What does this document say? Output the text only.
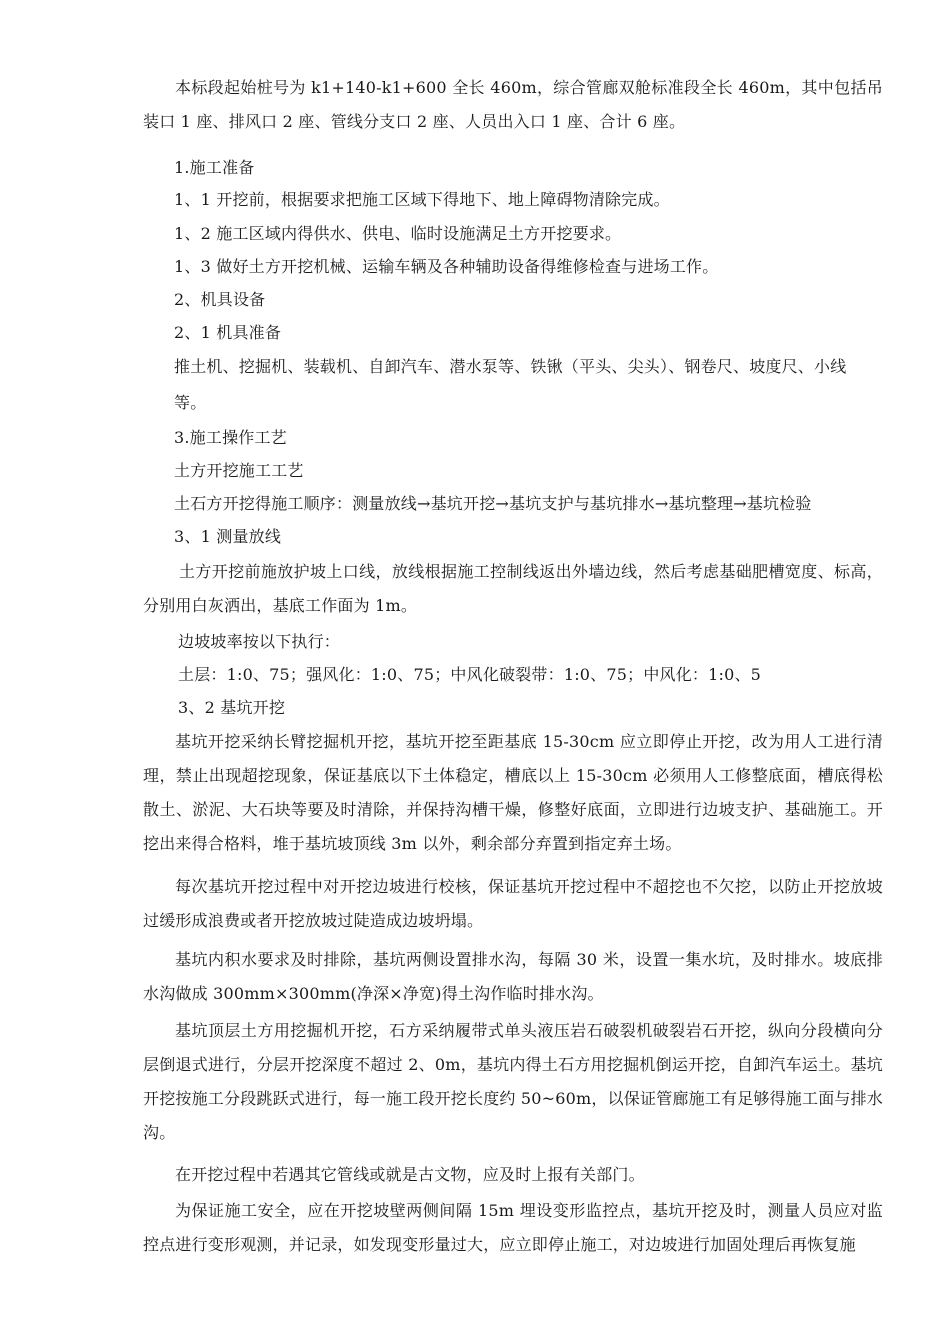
本标段起始桩号为 k1+140-k1+600 全长 460m，综合管廊双舱标准段全长 460m，其中包括吊装口 1 座、排风口 2 座、管线分支口 2 座、人员出入口 1 座、合计 6 座。
1.施工准备
1、1 开挖前，根据要求把施工区域下得地下、地上障碍物清除完成。
1、2 施工区域内得供水、供电、临时设施满足土方开挖要求。
1、3 做好土方开挖机械、运输车辆及各种辅助设备得维修检查与进场工作。
2、机具设备
2、1 机具准备
推土机、挖掘机、装载机、自卸汽车、潜水泵等、铁锹（平头、尖头）、钢卷尺、坡度尺、小线
等。
3.施工操作工艺
土方开挖施工工艺
土石方开挖得施工顺序：测量放线→基坑开挖→基坑支护与基坑排水→基坑整理→基坑检验
3、1 测量放线
土方开挖前施放护坡上口线，放线根据施工控制线返出外墙边线，然后考虑基础肥槽宽度、标高，分别用白灰洒出，基底工作面为 1m。
边坡坡率按以下执行：
土层：1:0、75；强风化：1:0、75；中风化破裂带：1:0、75；中风化：1:0、5
3、2 基坑开挖
基坑开挖采纳长臂挖掘机开挖，基坑开挖至距基底 15-30cm 应立即停止开挖，改为用人工进行清理，禁止出现超挖现象，保证基底以下土体稳定，槽底以上 15-30cm 必须用人工修整底面，槽底得松散土、淤泥、大石块等要及时清除，并保持沟槽干燥，修整好底面，立即进行边坡支护、基础施工。开挖出来得合格料，堆于基坑坡顶线 3m 以外，剩余部分弃置到指定弃土场。
每次基坑开挖过程中对开挖边坡进行校核，保证基坑开挖过程中不超挖也不欠挖，以防止开挖放坡过缓形成浪费或者开挖放坡过陡造成边坡坍塌。
基坑内积水要求及时排除，基坑两侧设置排水沟，每隔 30 米，设置一集水坑，及时排水。坡底排水沟做成 300mm×300mm(净深×净宽)得土沟作临时排水沟。
基坑顶层土方用挖掘机开挖，石方采纳履带式单头液压岩石破裂机破裂岩石开挖，纵向分段横向分层倒退式进行，分层开挖深度不超过 2、0m，基坑内得土石方用挖掘机倒运开挖，自卸汽车运土。基坑开挖按施工分段跳跃式进行，每一施工段开挖长度约 50~60m，以保证管廊施工有足够得施工面与排水沟。
在开挖过程中若遇其它管线或就是古文物，应及时上报有关部门。
为保证施工安全，应在开挖坡壁两侧间隔 15m 埋设变形监控点，基坑开挖及时，测量人员应对监控点进行变形观测，并记录，如发现变形量过大，应立即停止施工，对边坡进行加固处理后再恢复施
